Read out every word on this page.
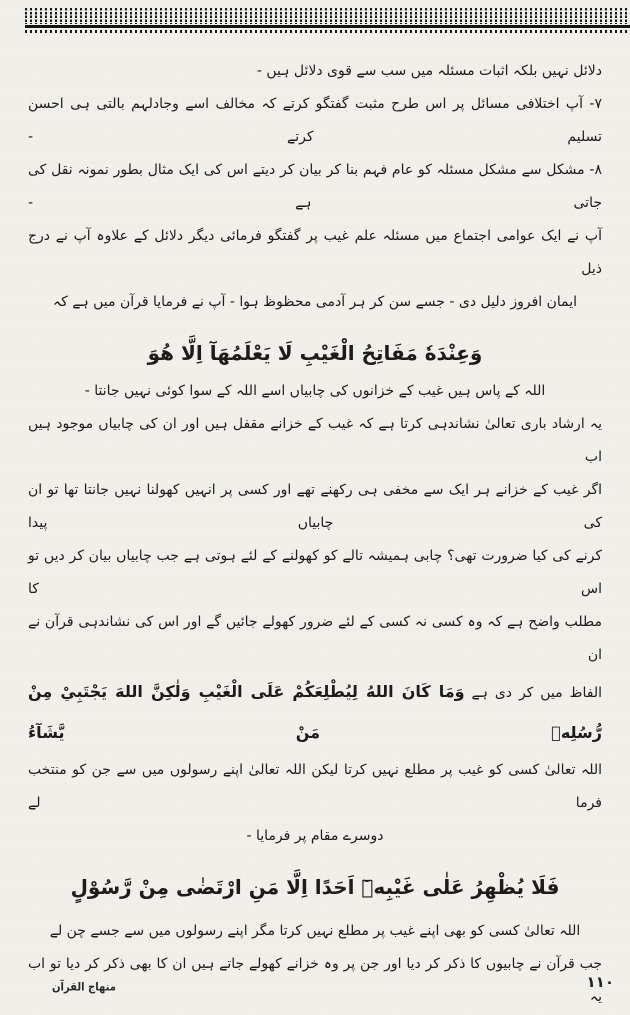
دلائل نہیں بلکہ اثبات مسئلہ میں سب سے قوی دلائل ہیں -

۷- آپ اختلافی مسائل پر اس طرح مثبت گفتگو کرتے کہ مخالف اسے وجادلہم بالتی ہی احسن تسلیم کرتے -

۸- مشکل سے مشکل مسئلہ کو عام فہم بنا کر بیان کر دیتے اس کی ایک مثال بطور نمونہ نقل کی جاتی ہے -

آپ نے ایک عوامی اجتماع میں مسئلہ علم غیب پر گفتگو فرمائی دیگر دلائل کے علاوہ آپ نے درج ذیل

ایمان افروز دلیل دی - جسے سن کر ہر آدمی محظوظ ہوا - آپ نے فرمایا قرآن میں ہے کہ

وَعِنْدَهٗ مَفَاتِحُ الْغَيْبِ لَا يَعْلَمُهَآ اِلَّا هُوَ

اللہ کے پاس ہیں غیب کے خزانوں کی چابیاں اسے اللہ کے سوا کوئی نہیں جانتا -

یہ ارشاد باری تعالیٰ نشاندہی کرتا ہے کہ غیب کے خزانے مقفل ہیں اور ان کی چابیاں موجود ہیں اب

اگر غیب کے خزانے ہر ایک سے مخفی ہی رکھنے تھے اور کسی پر انہیں کھولنا نہیں جانتا تھا تو ان کی چابیاں پیدا

کرنے کی کیا ضرورت تھی؟ چابی ہمیشہ تالے کو کھولنے کے لئے ہوتی ہے جب چابیاں بیان کر دیں تو اس کا

مطلب واضح ہے کہ وہ کسی نہ کسی کے لئے ضرور کھولے جائیں گے اور اس کی نشاندہی قرآن نے ان

الفاظ میں کر دی ہے وَمَا كَانَ اللهُ لِيُطْلِعَكُمْ عَلَى الْغَيْبِ وَلٰكِنَّ اللهَ يَجْتَبِيْ مِنْ رُّسُلِهٖ مَنْ يَّشَآءُ

اللہ تعالیٰ کسی کو غیب پر مطلع نہیں کرتا لیکن اللہ تعالیٰ اپنے رسولوں میں سے جن کو منتخب فرما لے

دوسرے مقام پر فرمایا -

فَلَا يُظْهِرُ عَلٰى غَيْبِهٖٓ اَحَدًا اِلَّا مَنِ ارْتَضٰى مِنْ رَّسُوْلٍ

اللہ تعالیٰ کسی کو بھی اپنے غیب پر مطلع نہیں کرتا مگر اپنے رسولوں میں سے جسے چن لے

جب قرآن نے چابیوں کا ذکر کر دیا اور جن پر وہ خزانے کھولے جاتے ہیں ان کا بھی ذکر کر دیا تو اب یہ

منهاج القرآن	۱۱۰
